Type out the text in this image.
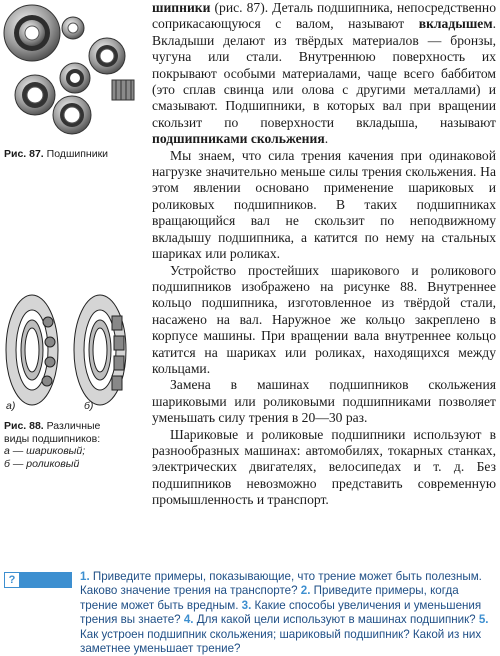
Рис. 87. Подшипники
а)	б)
Рис. 88. Различные
виды подшипников:
а — шариковый;
б — роликовый

шипники (рис. 87). Деталь подшипника, непосредственно соприкасающуюся с валом, называют вкладышем. Вкладыши делают из твёрдых материалов — бронзы, чугуна или стали. Внутреннюю поверхность их покрывают особыми материалами, чаще всего баббитом (это сплав свинца или олова с другими металлами) и смазывают. Подшипники, в которых вал при вращении скользит по поверхности вкладыша, называют подшипниками скольжения.

Мы знаем, что сила трения качения при одинаковой нагрузке значительно меньше силы трения скольжения. На этом явлении основано применение шариковых и роликовых подшипников. В таких подшипниках вращающийся вал не скользит по неподвижному вкладышу подшипника, а катится по нему на стальных шариках или роликах.

Устройство простейших шарикового и роликового подшипников изображено на рисунке 88. Внутреннее кольцо подшипника, изготовленное из твёрдой стали, насажено на вал. Наружное же кольцо закреплено в корпусе машины. При вращении вала внутреннее кольцо катится на шариках или роликах, находящихся между кольцами.

Замена в машинах подшипников скольжения шариковыми или роликовыми подшипниками позволяет уменьшать силу трения в 20—30 раз.

Шариковые и роликовые подшипники используют в разнообразных машинах: автомобилях, токарных станках, электрических двигателях, велосипедах и т. д. Без подшипников невозможно представить современную промышленность и транспорт.

?Вопросы
1. Приведите примеры, показывающие, что трение может быть полезным. Каково значение трения на транспорте? 2. Приведите примеры, когда трение может быть вредным. 3. Какие способы увеличения и уменьшения трения вы знаете? 4. Для какой цели используют в машинах подшипник? 5. Как устроен подшипник скольжения; шариковый подшипник? Какой из них заметнее уменьшает трение?
